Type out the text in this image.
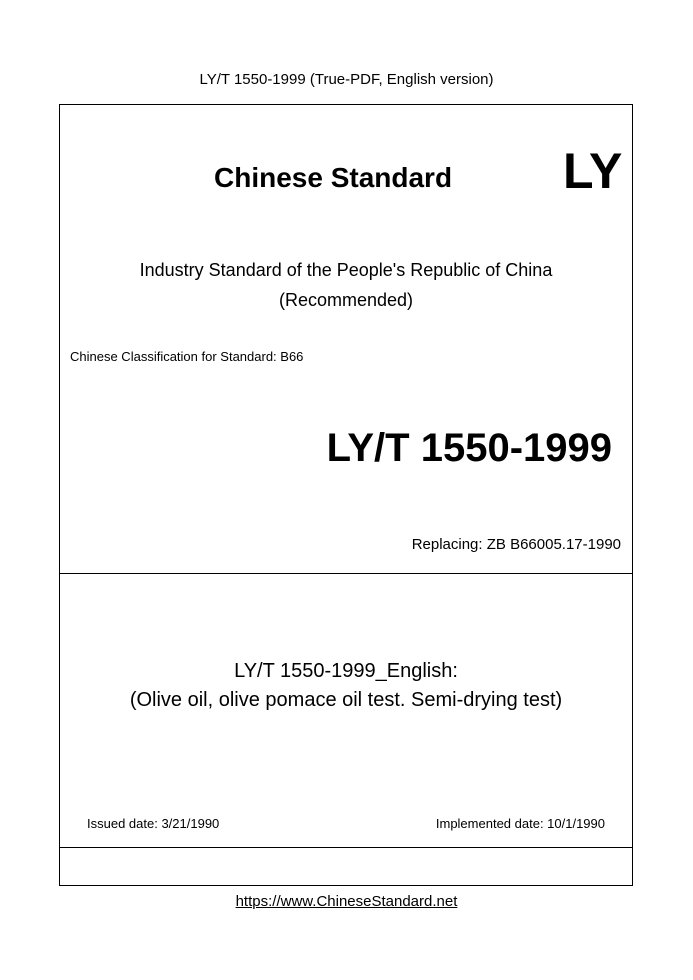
LY/T 1550-1999 (True-PDF, English version)
Chinese Standard LY
Industry Standard of the People's Republic of China
(Recommended)
Chinese Classification for Standard: B66
LY/T 1550-1999
Replacing: ZB B66005.17-1990
LY/T 1550-1999_English:
(Olive oil, olive pomace oil test. Semi-drying test)
Issued date: 3/21/1990	Implemented date: 10/1/1990
https://www.ChineseStandard.net
